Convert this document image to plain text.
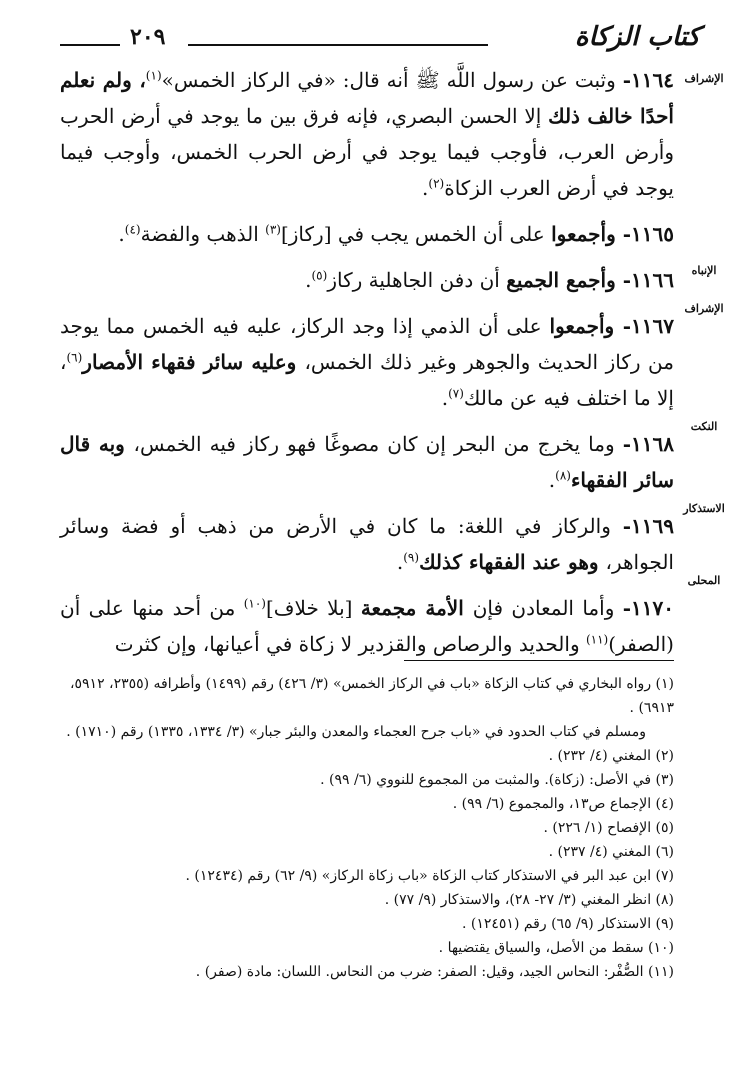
كتاب الزكاة
٢٠٩
الإشراف
الإنباه
الإشراف
النكت
الاستذكار
المحلى

١١٦٤- وثبت عن رسول اللَّه ﷺ أنه قال: «في الركاز الخمس»$^{(١)}$، ولم نعلم أحدًا خالف ذلك إلا الحسن البصري، فإنه فرق بين ما يوجد في أرض الحرب وأرض العرب، فأوجب فيما يوجد في أرض الحرب الخمس، وأوجب فيما يوجد في أرض العرب الزكاة$^{(٢)}$.

١١٦٥- وأجمعوا على أن الخمس يجب في [ركاز]$^{(٣)}$ الذهب والفضة$^{(٤)}$.

١١٦٦- وأجمع الجميع أن دفن الجاهلية ركاز$^{(٥)}$.

١١٦٧- وأجمعوا على أن الذمي إذا وجد الركاز، عليه فيه الخمس مما يوجد من ركاز الحديث والجوهر وغير ذلك الخمس، وعليه سائر فقهاء الأمصار$^{(٦)}$، إلا ما اختلف فيه عن مالك$^{(٧)}$.

١١٦٨- وما يخرج من البحر إن كان مصوغًا فهو ركاز فيه الخمس، وبه قال سائر الفقهاء$^{(٨)}$.

١١٦٩- والركاز في اللغة: ما كان في الأرض من ذهب أو فضة وسائر الجواهر، وهو عند الفقهاء كذلك$^{(٩)}$.

١١٧٠- وأما المعادن فإن الأمة مجمعة [بلا خلاف]$^{(١٠)}$ من أحد منها على أن (الصفر)$^{(١١)}$ والحديد والرصاص والقزدير لا زكاة في أعيانها، وإن كثرت

(١) رواه البخاري في كتاب الزكاة «باب في الركاز الخمس» (٣/ ٤٢٦) رقم (١٤٩٩) وأطرافه (٢٣٥٥، ٥٩١٢، ٦٩١٣) .

ومسلم في كتاب الحدود في «باب جرح العجماء والمعدن والبئر جبار» (٣/ ١٣٣٤، ١٣٣٥) رقم (١٧١٠) .

(٢) المغني (٤/ ٢٣٢) .

(٣) في الأصل: (زكاة). والمثبت من المجموع للنووي (٦/ ٩٩) .

(٤) الإجماع ص١٣، والمجموع (٦/ ٩٩) .

(٥) الإفصاح (١/ ٢٢٦) .

(٦) المغني (٤/ ٢٣٧) .

(٧) ابن عبد البر في الاستذكار كتاب الزكاة «باب زكاة الركاز» (٩/ ٦٢) رقم (١٢٤٣٤) .

(٨) انظر المغني (٣/ ٢٧- ٢٨)، والاستذكار (٩/ ٧٧) .

(٩) الاستذكار (٩/ ٦٥) رقم (١٢٤٥١) .

(١٠) سقط من الأصل، والسياق يقتضيها .

(١١) الصُّفْر: النحاس الجيد، وقيل: الصفر: ضرب من النحاس. اللسان: مادة (صفر) .
